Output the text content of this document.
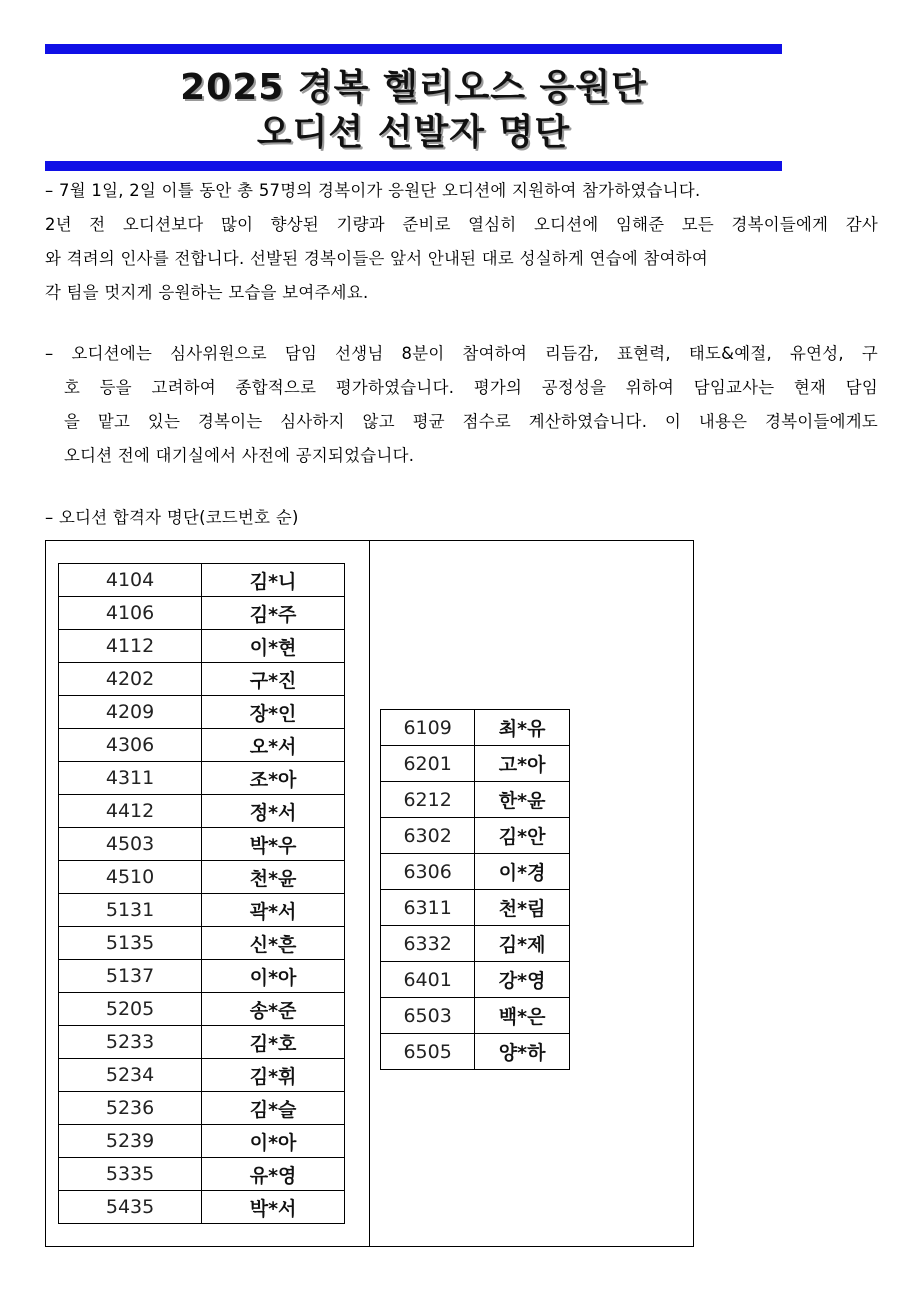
2025 경복 헬리오스 응원단
오디션 선발자 명단
– 7월 1일, 2일 이틀 동안 총 57명의 경복이가 응원단 오디션에 지원하여 참가하였습니다.
2년 전 오디션보다 많이 향상된 기량과 준비로 열심히 오디션에 임해준 모든 경복이들에게 감사
와 격려의 인사를 전합니다. 선발된 경복이들은 앞서 안내된 대로 성실하게 연습에 참여하여
각 팀을 멋지게 응원하는 모습을 보여주세요.
– 오디션에는 심사위원으로 담임 선생님 8분이 참여하여 리듬감, 표현력, 태도&예절, 유연성, 구
호 등을 고려하여 종합적으로 평가하였습니다. 평가의 공정성을 위하여 담임교사는 현재 담임
을 맡고 있는 경복이는 심사하지 않고 평균 점수로 계산하였습니다. 이 내용은 경복이들에게도
오디션 전에 대기실에서 사전에 공지되었습니다.
– 오디션 합격자 명단(코드번호 순)
4104	김*니
4106	김*주
4112	이*현
4202	구*진
4209	장*인
4306	오*서
4311	조*아
4412	정*서
4503	박*우
4510	천*윤
5131	곽*서
5135	신*흔
5137	이*아
5205	송*준
5233	김*호
5234	김*휘
5236	김*슬
5239	이*아
5335	유*영
5435	박*서
6109	최*유
6201	고*아
6212	한*윤
6302	김*안
6306	이*경
6311	천*림
6332	김*제
6401	강*영
6503	백*은
6505	양*하
